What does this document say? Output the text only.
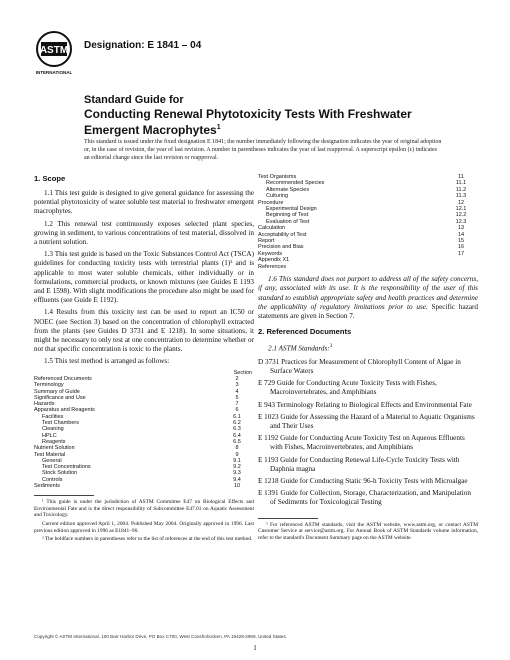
ASTM
INTERNATIONAL
Designation: E 1841 – 04
Standard Guide for
Conducting Renewal Phytotoxicity Tests With Freshwater
Emergent Macrophytes$^1$
This standard is issued under the fixed designation E 1841; the number immediately following the designation indicates the year of original adoption or, in the case of revision, the year of last revision. A number in parentheses indicates the year of last reapproval. A superscript epsilon (ε) indicates an editorial change since the last revision or reapproval.
1. Scope

1.1 This test guide is designed to give general guidance for assessing the potential phytotoxicity of water soluble test material to freshwater emergent macrophytes.

1.2 This renewal test continuously exposes selected plant species, growing in sediment, to various concentrations of test material, dissolved in a nutrient solution.

1.3 This test guide is based on the Toxic Substances Control Act (TSCA) guidelines for conducting toxicity tests with terrestrial plants (1)² and is applicable to most water soluble chemicals, either individually or in formulations, commercial products, or known mixtures (see Guides E 1193 and E 1598). With slight modifications the procedure also might be used for effluents (see Guide E 1192).

1.4 Results from this toxicity test can be used to report an IC50 or NOEC (see Section 3) based on the concentration of chlorophyll extracted from the plants (see Guides D 3731 and E 1218). In some situations, it might be necessary to only test at one concentration to determine whether or not that specific concentration is toxic to the plants.

1.5 This test method is arranged as follows:

Section
Referenced Documents	2
Terminology	3
Summary of Guide	4
Significance and Use	5
Hazards	7
Apparatus and Reagents	6
Facilities	6.1
Test Chambers	6.2
Cleaning	6.3
HPLC	6.4
Reagents	6.5
Nutrient Solution	8
Test Material	9
General	9.1
Test Concentrations	9.2
Stock Solution	9.3
Controls	9.4
Sediments	10

¹ This guide is under the jurisdiction of ASTM Committee E47 on Biological Effects and Environmental Fate and is the direct responsibility of Subcommittee E47.01 on Aquatic Assessment and Toxicology.

Current edition approved April 1, 2004. Published May 2004. Originally approved in 1996. Last previous edition approved in 1996 as E1841–96.

² The boldface numbers in parentheses refer to the list of references at the end of this test method.

Test Organisms	11
Recommended Species	11.1
Alternate Species	11.2
Culturing	11.3
Procedure	12
Experimental Design	12.1
Beginning of Test	12.2
Evaluation of Test	12.3
Calculation	13
Acceptability of Test	14
Report	15
Precision and Bias	16
Keywords	17
Appendix X1
References

1.6 This standard does not purport to address all of the safety concerns, if any, associated with its use. It is the responsibility of the user of this standard to establish appropriate safety and health practices and determine the applicability of regulatory limitations prior to use. Specific hazard statements are given in Section 7.

2. Referenced Documents

2.1 ASTM Standards:$^3$

D 3731 Practices for Measurement of Chlorophyll Content of Algae in Surface Waters

E 729 Guide for Conducting Acute Toxicity Tests with Fishes, Macroinvertebrates, and Amphibians

E 943 Terminology Relating to Biological Effects and Environmental Fate

E 1023 Guide for Assessing the Hazard of a Material to Aquatic Organisms and Their Uses

E 1192 Guide for Conducting Acute Toxicity Test on Aqueous Effluents with Fishes, Macroinvertebrates, and Amphibians

E 1193 Guide for Conducting Renewal Life-Cycle Toxicity Tests with Daphnia magna

E 1218 Guide for Conducting Static 96-h Toxicity Tests with Microalgae

E 1391 Guide for Collection, Storage, Characterization, and Manipulation of Sediments for Toxicological Testing

³ For referenced ASTM standards, visit the ASTM website, www.astm.org, or contact ASTM Customer Service at service@astm.org. For Annual Book of ASTM Standards volume information, refer to the standard's Document Summary page on the ASTM website.

Copyright © ASTM International, 100 Barr Harbor Drive, PO Box C700, West Conshohocken, PA 19428-2959, United States.
1
